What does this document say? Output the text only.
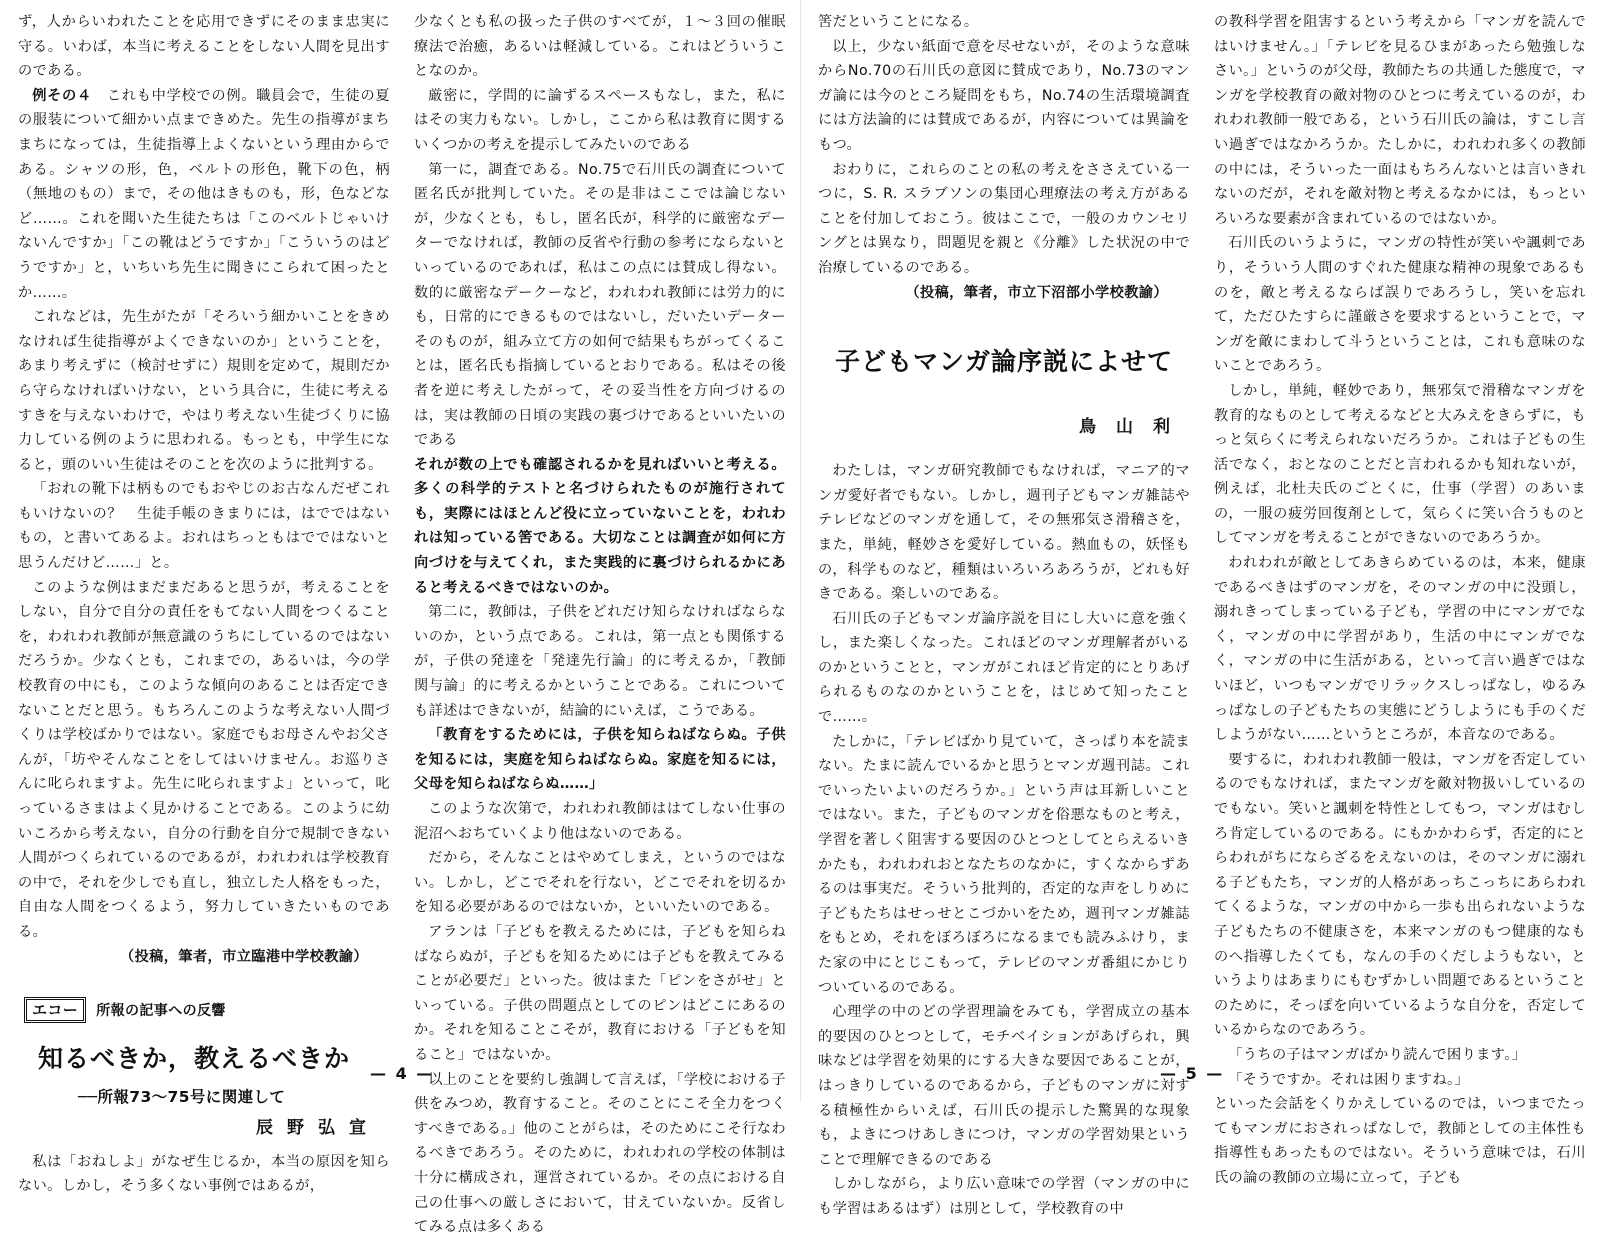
ず，人からいわれたことを応用できずにそのまま忠実に守る。いわば，本当に考えることをしない人間を見出すのである。

例その４　 これも中学校での例。職員会で，生徒の夏の服装について細かい点まできめた。先生の指導がまちまちになっては，生徒指導上よくないという理由からである。シャツの形，色，ベルトの形色，靴下の色，柄（無地のもの）まで，その他はきものも，形，色などなど……。これを聞いた生徒たちは「このベルトじゃいけないんですか」「この靴はどうですか」「こういうのはどうですか」と，いちいち先生に聞きにこられて困ったとか……。

これなどは，先生がたが「そろいう細かいことをきめなければ生徒指導がよくできないのか」ということを，あまり考えずに（検討せずに）規則を定めて，規則だから守らなければいけない，という具合に，生徒に考えるすきを与えないわけで，やはり考えない生徒づくりに協力している例のように思われる。もっとも，中学生になると，頭のいい生徒はそのことを次のように批判する。

「おれの靴下は柄ものでもおやじのお古なんだぜこれもいけないの？　生徒手帳のきまりには，はでではないもの，と書いてあるよ。おれはちっともはでではないと思うんだけど……」と。

このような例はまだまだあると思うが，考えることをしない，自分で自分の責任をもてない人間をつくることを，われわれ教師が無意識のうちにしているのではないだろうか。少なくとも，これまでの，あるいは，今の学校教育の中にも，このような傾向のあることは否定できないことだと思う。もちろんこのような考えない人間づくりは学校ばかりではない。家庭でもお母さんやお父さんが，「坊やそんなことをしてはいけません。お巡りさんに叱られますよ。先生に叱られますよ」といって，叱っているさまはよく見かけることである。このように幼いころから考えない，自分の行動を自分で規制できない人間がつくられているのであるが，われわれは学校教育の中で，それを少しでも直し，独立した人格をもった，自由な人間をつくるよう，努力していきたいものである。

（投稿，筆者，市立臨港中学校教諭）

エコー 所報の記事への反響
知るべきか，教えるべきか
──所報73～75号に関連して
辰野弘宣

私は「おねしよ」がなぜ生じるか，本当の原因を知らない。しかし，そう多くない事例ではあるが，

少なくとも私の扱った子供のすべてが，１～３回の催眠療法で治癒，あるいは軽減している。これはどういうことなのか。

厳密に，学問的に論ずるスペースもなし，また，私にはその実力もない。しかし，ここから私は教育に関するいくつかの考えを提示してみたいのである

第一に，調査である。No.75で石川氏の調査について匿名氏が批判していた。その是非はここでは論じないが，少なくとも，もし，匿名氏が，科学的に厳密なデーターでなければ，教師の反省や行動の参考にならないといっているのであれば，私はこの点には賛成し得ない。数的に厳密なデークーなど，われわれ教師には労力的にも，日常的にできるものではないし，だいたいデーターそのものが，組み立て方の如何で結果もちがってくることは，匿名氏も指摘しているとおりである。私はその後者を逆に考えしたがって，その妥当性を方向づけるのは，実は教師の日頃の実践の裏づけであるといいたいのである

それが数の上でも確認されるかを見ればいいと考える。多くの科学的テストと名づけられたものが施行されても，実際にはほとんど役に立っていないことを，われわれは知っている筈である。大切なことは調査が如何に方向づけを与えてくれ，また実践的に裏づけられるかにあると考えるべきではないのか。

第二に，教師は，子供をどれだけ知らなければならないのか，という点である。これは，第一点とも関係するが，子供の発達を「発達先行論」的に考えるか，「教師関与論」的に考えるかということである。これについても詳述はできないが，結論的にいえば，こうである。

「教育をするためには，子供を知らねばならぬ。子供を知るには，実庭を知らねばならぬ。家庭を知るには，父母を知らねばならぬ……」

このような次第で，われわれ教師ははてしない仕事の泥沼へおちていくより他はないのである。

だから，そんなことはやめてしまえ，というのではない。しかし，どこでそれを行ない，どこでそれを切るかを知る必要があるのではないか，といいたいのである。

アランは「子どもを教えるためには，子どもを知らねばならぬが，子どもを知るためには子どもを教えてみることが必要だ」といった。彼はまた「ピンをさがせ」といっている。子供の問題点としてのピンはどこにあるのか。それを知ることこそが，教育における「子どもを知ること」ではないか。

以上のことを要約し強調して言えば，「学校における子供をみつめ，教育すること。そのことにこそ全力をつくすべきである。」他のことがらは，そのためにこそ行なわるべきであろう。そのために，われわれの学校の体制は十分に構成され，運営されているか。その点における自己の仕事への厳しさにおいて，甘えていないか。反省してみる点は多くある

— 4 —

筈だということになる。

以上，少ない紙面で意を尽せないが，そのような意味からNo.70の石川氏の意図に賛成であり，No.73のマンガ論には今のところ疑問をもち，No.74の生活環境調査には方法論的には賛成であるが，内容については異論をもつ。

おわりに，これらのことの私の考えをささえている一つに，S. R. スラブソンの集団心理療法の考え方があることを付加しておこう。彼はここで，一般のカウンセリングとは異なり，問題児を親と《分離》した状況の中で治療しているのである。

（投稿，筆者，市立下沼部小学校教諭）

子どもマンガ論序説によせて
鳥山利

わたしは，マンガ研究教師でもなければ，マニア的マンガ愛好者でもない。しかし，週刊子どもマンガ雑誌やテレビなどのマンガを通して，その無邪気さ滑稽さを，また，単純，軽妙さを愛好している。熱血もの，妖怪もの，科学ものなど，種類はいろいろあろうが，どれも好きである。楽しいのである。

石川氏の子どもマンガ論序説を目にし大いに意を強くし，また楽しくなった。これほどのマンガ理解者がいるのかということと，マンガがこれほど肯定的にとりあげられるものなのかということを，はじめて知ったことで……。

たしかに，「テレビばかり見ていて，さっぱり本を読まない。たまに読んでいるかと思うとマンガ週刊誌。これでいったいよいのだろうか。」という声は耳新しいことではない。また，子どものマンガを俗悪なものと考え，学習を著しく阻害する要因のひとつとしてとらえるいきかたも，われわれおとなたちのなかに，すくなからずあるのは事実だ。そういう批判的，否定的な声をしりめに子どもたちはせっせとこづかいをため，週刊マンガ雑誌をもとめ，それをぼろぼろになるまでも読みふけり，また家の中にとじこもって，テレビのマンガ番組にかじりついているのである。

心理学の中のどの学習理論をみても，学習成立の基本的要因のひとつとして，モチベイションがあげられ，興味などは学習を効果的にする大きな要因であることが，はっきりしているのであるから，子どものマンガに対する積極性からいえば，石川氏の提示した驚異的な現象も，よきにつけあしきにつけ，マンガの学習効果ということで理解できるのである

しかしながら，より広い意味での学習（マンガの中にも学習はあるはず）は別として，学校教育の中

の教科学習を阻害するという考えから「マンガを読んではいけません。」「テレビを見るひまがあったら勉強しなさい。」というのが父母，教師たちの共通した態度で，マンガを学校教育の敵対物のひとつに考えているのが，われわれ教師一般である，という石川氏の論は，すこし言い過ぎではなかろうか。たしかに，われわれ多くの教師の中には，そういった一面はもちろんないとは言いきれないのだが，それを敵対物と考えるなかには，もっといろいろな要素が含まれているのではないか。

石川氏のいうように，マンガの特性が笑いや諷刺であり，そういう人間のすぐれた健康な精神の現象であるものを，敵と考えるならば誤りであろうし，笑いを忘れて，ただひたすらに謹厳さを要求するということで，マンガを敵にまわして斗うということは，これも意味のないことであろう。

しかし，単純，軽妙であり，無邪気で滑稽なマンガを教育的なものとして考えるなどと大みえをきらずに，もっと気らくに考えられないだろうか。これは子どもの生活でなく，おとなのことだと言われるかも知れないが，例えば，北杜夫氏のごとくに，仕事（学習）のあいまの，一服の疲労回復剤として，気らくに笑い合うものとしてマンガを考えることができないのであろうか。

われわれが敵としてあきらめているのは，本来，健康であるべきはずのマンガを，そのマンガの中に没頭し，溺れきってしまっている子ども，学習の中にマンガでなく，マンガの中に学習があり，生活の中にマンガでなく，マンガの中に生活がある，といって言い過ぎではないほど，いつもマンガでリラックスしっぱなし，ゆるみっぱなしの子どもたちの実態にどうしようにも手のくだしようがない……というところが，本音なのである。

要するに，われわれ教師一般は，マンガを否定しているのでもなければ，またマンガを敵対物扱いしているのでもない。笑いと諷刺を特性としてもつ，マンガはむしろ肯定しているのである。にもかかわらず，否定的にとらわれがちにならざるをえないのは，そのマンガに溺れる子どもたち，マンガ的人格があっちこっちにあらわれてくるような，マンガの中から一歩も出られないような子どもたちの不健康さを，本来マンガのもつ健康的なものへ指導したくても，なんの手のくだしようもない，というよりはあまりにもむずかしい問題であるということのために，そっぽを向いているような自分を，否定しているからなのであろう。

「うちの子はマンガばかり読んで困ります。」

「そうですか。それは困りますね。」

といった会話をくりかえしているのでは，いつまでたってもマンガにおされっぱなしで，教師としての主体性も指導性もあったものではない。そういう意味では，石川氏の論の教師の立場に立って，子ども

— 5 —
